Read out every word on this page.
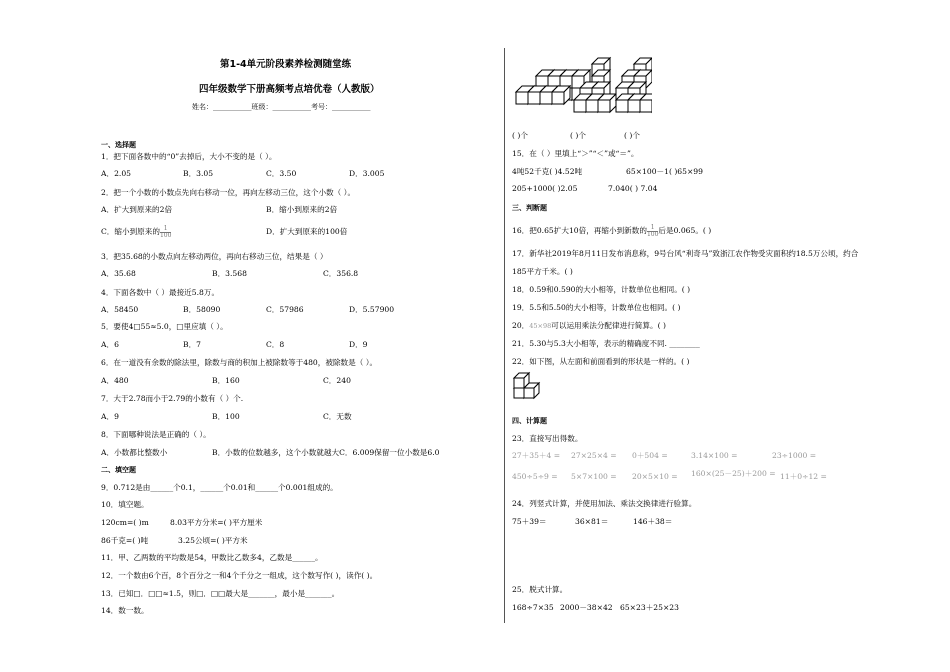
第1-4单元阶段素养检测随堂练
四年级数学下册高频考点培优卷（人教版）
姓名：___________班级：___________考号：___________
一、选择题
1．把下面各数中的“0”去掉后，大小不变的是（ ）。
A．2.05	B．3.05	C．3.50	D．3.005
2．把一个小数的小数点先向右移动一位，再向左移动三位，这个小数（ ）。
A．扩大到原来的2倍	B．缩小到原来的2倍
C．缩小到原来的 $\frac{1}{100}$	D．扩大到原来的100倍
3．把35.68的小数点向左移动两位，再向右移动三位，结果是（ ）
A．35.68	B．3.568	C．356.8
4．下面各数中（ ）最接近5.8万。
A．58450	B．58090	C．57986	D．5.57900
5．要使4□55≈5.0，□里应填（ ）。
A．6	B．7	C．8	D．9
6．在一道没有余数的除法里，除数与商的积加上被除数等于480，被除数是（ ）。
A．480	B．160	C．240
7．大于2.78而小于2.79的小数有（ ）个.
A．9	B．100	C．无数
8．下面哪种说法是正确的（ ）。
A．小数都比整数小	B．小数的位数越多，这个小数就越大C．6.009保留一位小数是6.0
二、填空题
9．0.712是由______个0.1，______个0.01和______个0.001组成的。
10．填空题。
120cm=( )m	8.03平方分米=( )平方厘米
86千克=( )吨	3.25公顷=( )平方米
11．甲、乙两数的平均数是54，甲数比乙数多4，乙数是______。
12．一个数由6个百，8个百分之一和4个千分之一组成，这个数写作( )，读作( )。
13．已知□．□□≈1.5，则□．□□最大是_______，最小是_______。
14．数一数。
( )个	( )个	( )个
15．在（ ）里填上“＞”“＜”或“＝”。
4吨52千克( )4.52吨	65×100－1( )65×99
205+1000( )2.05	7.040( ) 7.04
三、判断题
16．把0.65扩大10倍，再缩小到新数的 $\frac{1}{100}$ 后是0.065。( )
17．新华社2019年8月11日发布消息称，9号台风“利奇马”致浙江农作物受灾面积约18.5万公顷，约合
185平方千米。( )
18．0.59和0.590的大小相等，计数单位也相同。( )
19．5.5和5.50的大小相等，计数单位也相同。( )
20．45×98可以运用乘法分配律进行简算。( )
21．5.30与5.3大小相等，表示的精确度不同. ________
22．如下图，从左面和前面看到的形状是一样的。( )
四、计算题
23．直接写出得数。
27＋35＋4 = 27×25×4 = 0＋504 =	3.14×100 =	23÷1000 =
450÷5÷9 = 5×7×100 = 20×5×10 = 160×(25－25)＋200 = 11＋0÷12 =
24．列竖式计算，并使用加法、乘法交换律进行验算。
75＋39＝	36×81＝	146＋38＝
25．脱式计算。
168÷7×35 2000－38×42 65×23＋25×23
